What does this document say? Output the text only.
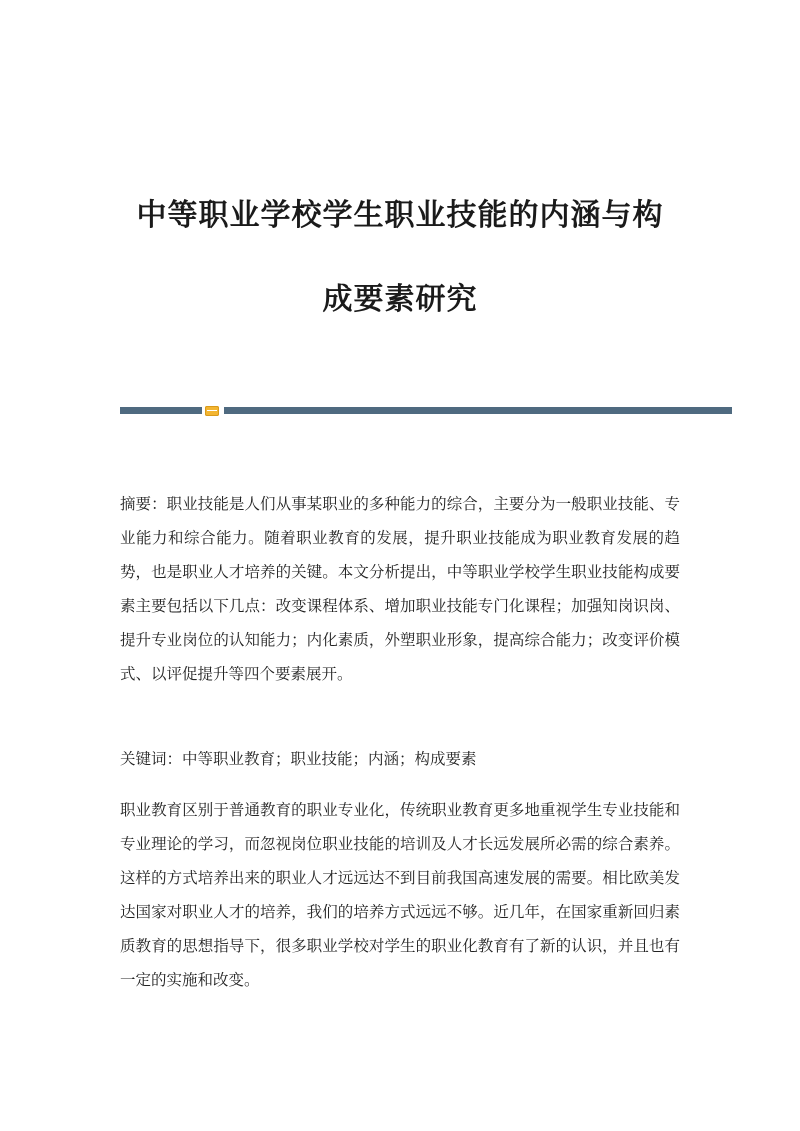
中等职业学校学生职业技能的内涵与构
成要素研究

摘要：职业技能是人们从事某职业的多种能力的综合，主要分为一般职业技能、专业能力和综合能力。随着职业教育的发展，提升职业技能成为职业教育发展的趋势，也是职业人才培养的关键。本文分析提出，中等职业学校学生职业技能构成要素主要包括以下几点：改变课程体系、增加职业技能专门化课程；加强知岗识岗、提升专业岗位的认知能力；内化素质，外塑职业形象，提高综合能力；改变评价模式、以评促提升等四个要素展开。

关键词：中等职业教育；职业技能；内涵；构成要素

职业教育区别于普通教育的职业专业化，传统职业教育更多地重视学生专业技能和专业理论的学习，而忽视岗位职业技能的培训及人才长远发展所必需的综合素养。这样的方式培养出来的职业人才远远达不到目前我国高速发展的需要。相比欧美发达国家对职业人才的培养，我们的培养方式远远不够。近几年，在国家重新回归素质教育的思想指导下，很多职业学校对学生的职业化教育有了新的认识，并且也有一定的实施和改变。
